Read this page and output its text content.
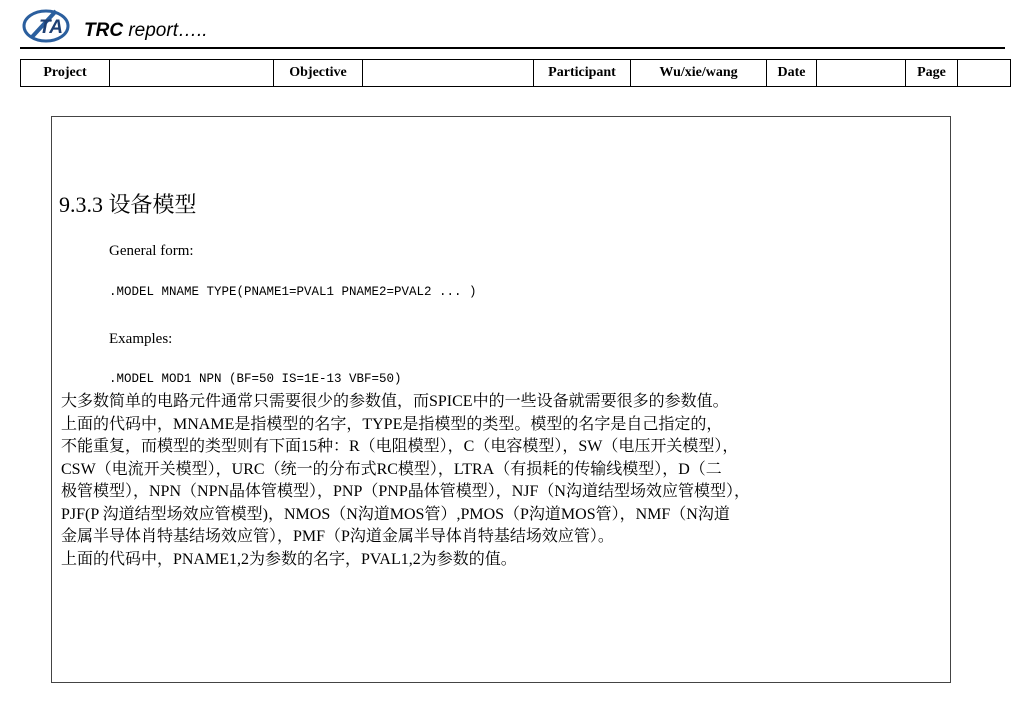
TA TRC report…..
Project		Objective		Participant	Wu/xie/wang	Date		Page	
9.3.3 设备模型
General form:
.MODEL MNAME TYPE(PNAME1=PVAL1 PNAME2=PVAL2 ... )
Examples:
.MODEL MOD1 NPN (BF=50 IS=1E-13 VBF=50)
大多数简单的电路元件通常只需要很少的参数值，而SPICE中的一些设备就需要很多的参数值。
上面的代码中，MNAME是指模型的名字，TYPE是指模型的类型。模型的名字是自己指定的，
不能重复，而模型的类型则有下面15种：R（电阻模型），C（电容模型），SW（电压开关模型），
CSW（电流开关模型），URC（统一的分布式RC模型），LTRA（有损耗的传输线模型），D（二
极管模型），NPN（NPN晶体管模型），PNP（PNP晶体管模型），NJF（N沟道结型场效应管模型），
PJF(P 沟道结型场效应管模型)，NMOS（N沟道MOS管）,PMOS（P沟道MOS管），NMF（N沟道
金属半导体肖特基结场效应管），PMF（P沟道金属半导体肖特基结场效应管）。
上面的代码中，PNAME1,2为参数的名字，PVAL1,2为参数的值。
